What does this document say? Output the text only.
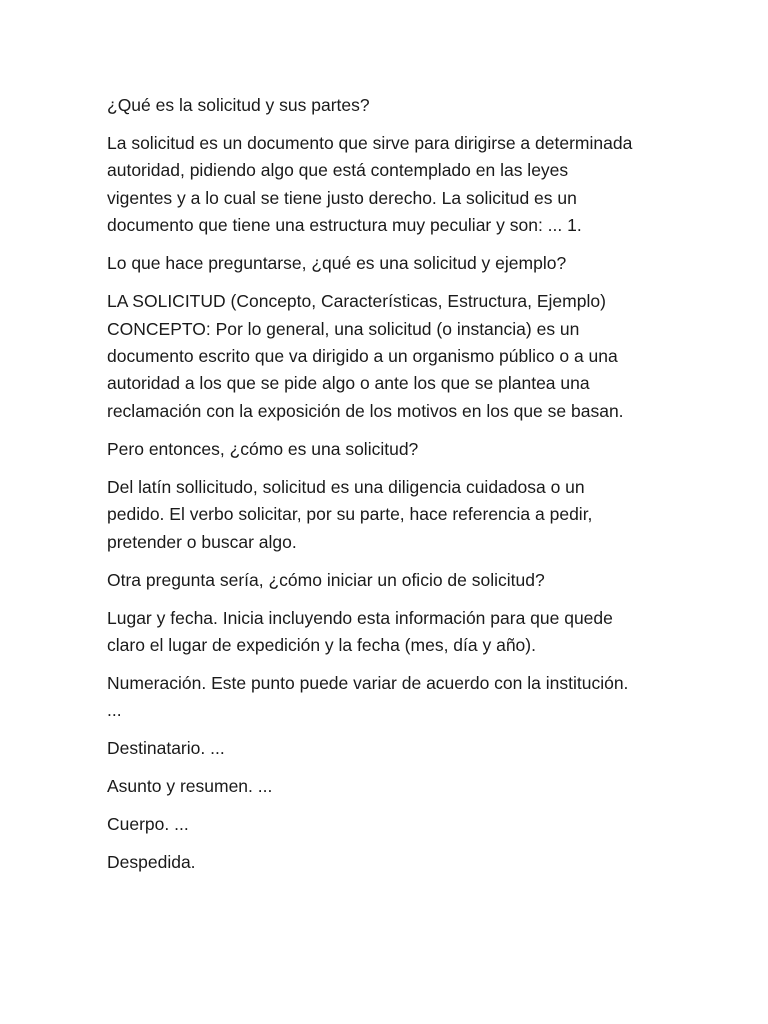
¿Qué es la solicitud y sus partes?

La solicitud es un documento que sirve para dirigirse a determinada
autoridad, pidiendo algo que está contemplado en las leyes
vigentes y a lo cual se tiene justo derecho. La solicitud es un
documento que tiene una estructura muy peculiar y son: ... 1.

Lo que hace preguntarse, ¿qué es una solicitud y ejemplo?

LA SOLICITUD (Concepto, Características, Estructura, Ejemplo)
CONCEPTO: Por lo general, una solicitud (o instancia) es un
documento escrito que va dirigido a un organismo público o a una
autoridad a los que se pide algo o ante los que se plantea una
reclamación con la exposición de los motivos en los que se basan.

Pero entonces, ¿cómo es una solicitud?

Del latín sollicitudo, solicitud es una diligencia cuidadosa o un
pedido. El verbo solicitar, por su parte, hace referencia a pedir,
pretender o buscar algo.

Otra pregunta sería, ¿cómo iniciar un oficio de solicitud?

Lugar y fecha. Inicia incluyendo esta información para que quede
claro el lugar de expedición y la fecha (mes, día y año).

Numeración. Este punto puede variar de acuerdo con la institución.
...

Destinatario. ...

Asunto y resumen. ...

Cuerpo. ...

Despedida.
